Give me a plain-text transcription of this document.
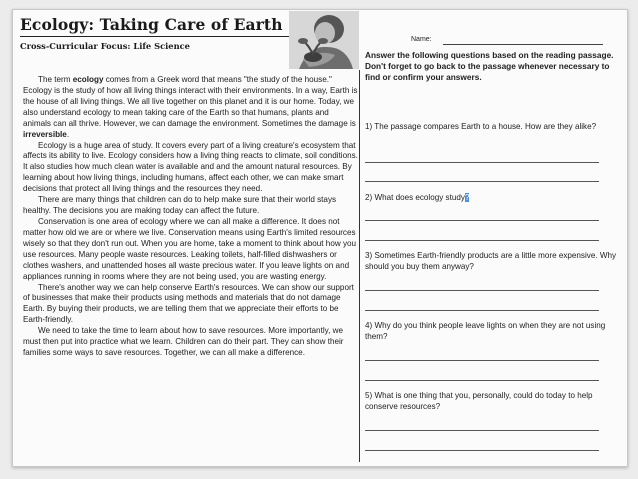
Ecology: Taking Care of Earth
Cross-Curricular Focus: Life Science
Name:

The term ecology comes from a Greek word that means "the study of the house." Ecology is the study of how all living things interact with their environments. In a way, Earth is the house of all living things. We all live together on this planet and it is our home. Today, we also understand ecology to mean taking care of the Earth so that humans, plants and animals can all thrive. However, we can damage the environment. Sometimes the damage is irreversible.

Ecology is a huge area of study. It covers every part of a living creature's ecosystem that affects its ability to live. Ecology considers how a living thing reacts to climate, soil conditions. It also studies how much clean water is available and and the amount natural resources. By learning about how living things, including humans, affect each other, we can make smart decisions that protect all living things and the resources they need.

There are many things that children can do to help make sure that their world stays healthy. The decisions you are making today can affect the future.

Conservation is one area of ecology where we can all make a difference. It does not matter how old we are or where we live. Conservation means using Earth's limited resources wisely so that they don't run out. When you are home, take a moment to think about how you use resources. Many people waste resources. Leaking toilets, half-filled dishwashers or clothes washers, and unattended hoses all waste precious water. If you leave lights on and appliances running in rooms where they are not being used, you are wasting energy.

There's another way we can help conserve Earth's resources. We can show our support of businesses that make their products using methods and materials that do not damage Earth. By buying their products, we are telling them that we appreciate their efforts to be Earth-friendly.

We need to take the time to learn about how to save resources. More importantly, we must then put into practice what we learn. Children can do their part. They can show their families some ways to save resources. Together, we can all make a difference.

Answer the following questions based on the reading passage. Don't forget to go back to the passage whenever necessary to find or confirm your answers.
1) The passage compares Earth to a house. How are they alike?
2) What does ecology study?
3) Sometimes Earth-friendly products are a little more expensive. Why should you buy them anyway?
4) Why do you think people leave lights on when they are not using them?
5) What is one thing that you, personally, could do today to help conserve resources?
